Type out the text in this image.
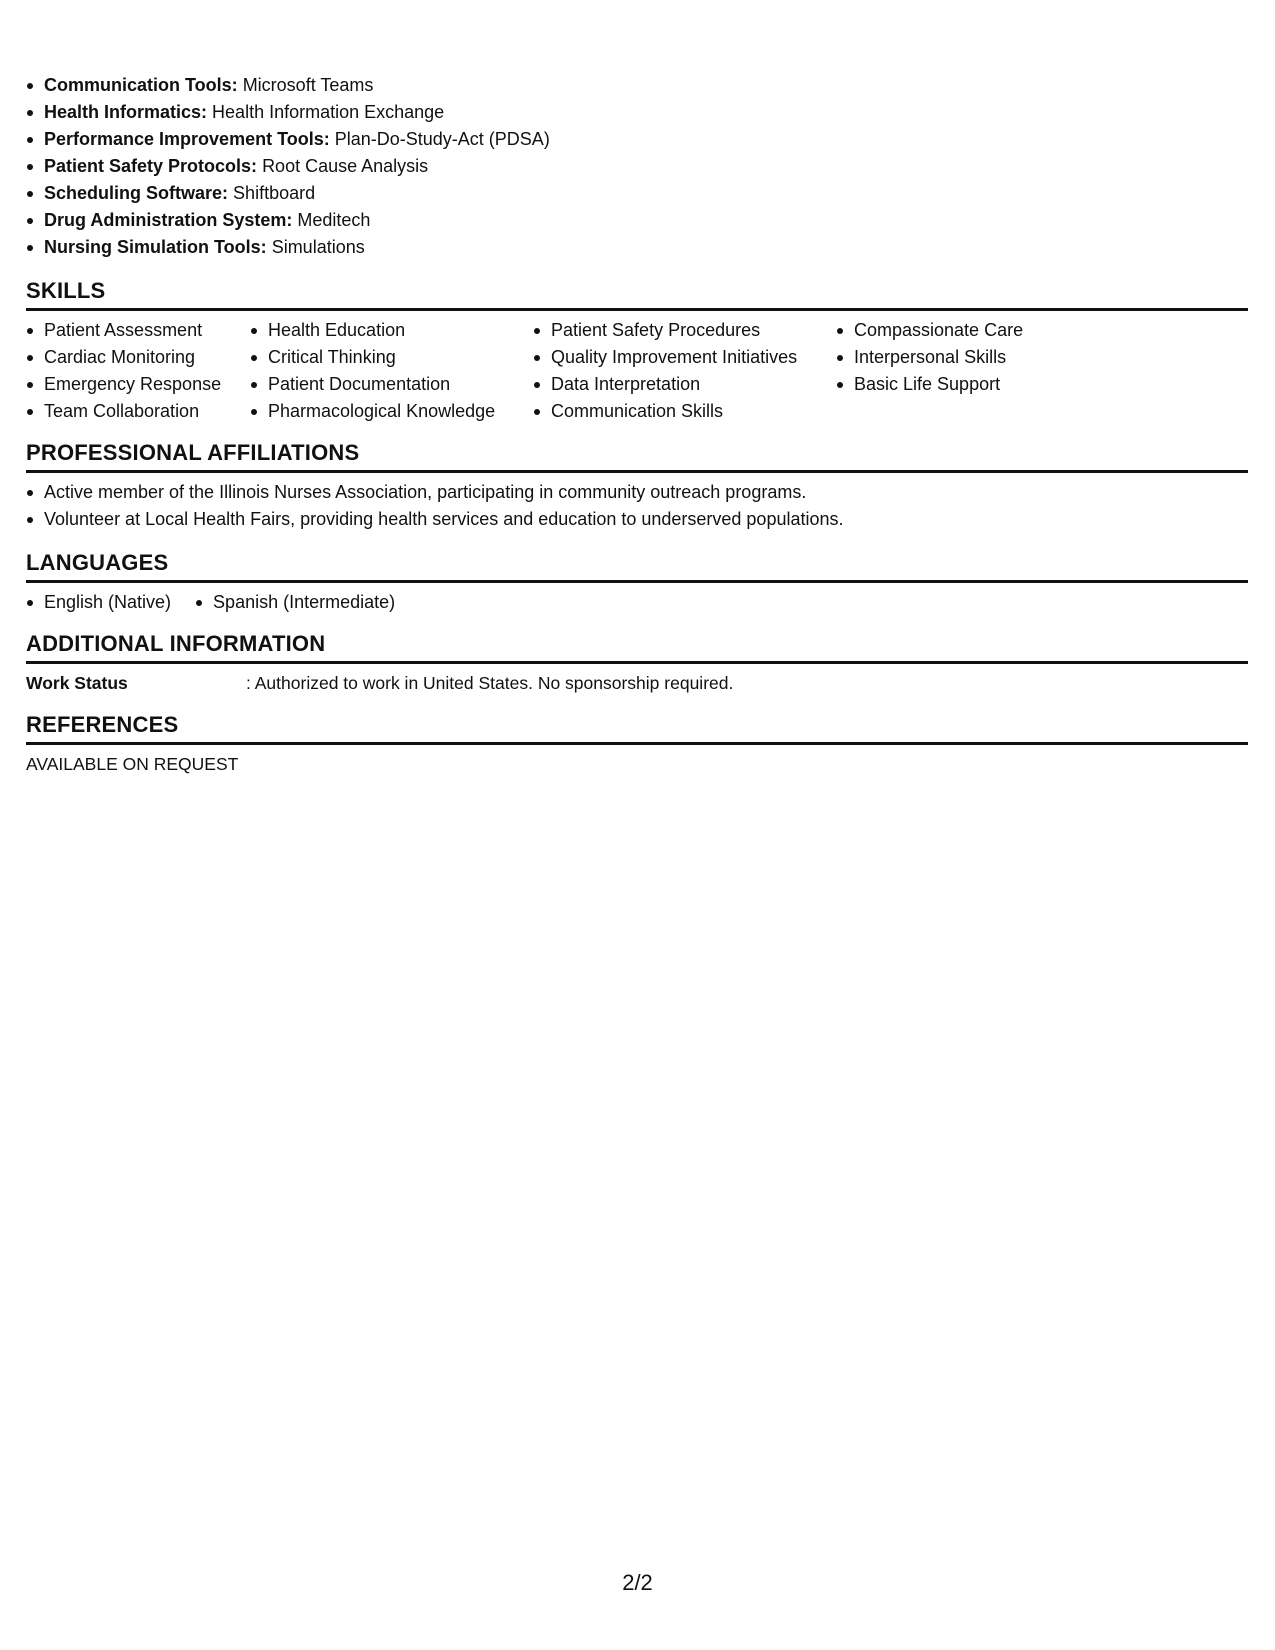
Communication Tools: Microsoft Teams
Health Informatics: Health Information Exchange
Performance Improvement Tools: Plan-Do-Study-Act (PDSA)
Patient Safety Protocols: Root Cause Analysis
Scheduling Software: Shiftboard
Drug Administration System: Meditech
Nursing Simulation Tools: Simulations
SKILLS
Patient Assessment
Cardiac Monitoring
Emergency Response
Team Collaboration
Health Education
Critical Thinking
Patient Documentation
Pharmacological Knowledge
Patient Safety Procedures
Quality Improvement Initiatives
Data Interpretation
Communication Skills
Compassionate Care
Interpersonal Skills
Basic Life Support
PROFESSIONAL AFFILIATIONS
Active member of the Illinois Nurses Association, participating in community outreach programs.
Volunteer at Local Health Fairs, providing health services and education to underserved populations.
LANGUAGES
English (Native)	Spanish (Intermediate)
ADDITIONAL INFORMATION
Work Status	: Authorized to work in United States. No sponsorship required.
REFERENCES
AVAILABLE ON REQUEST
2/2
